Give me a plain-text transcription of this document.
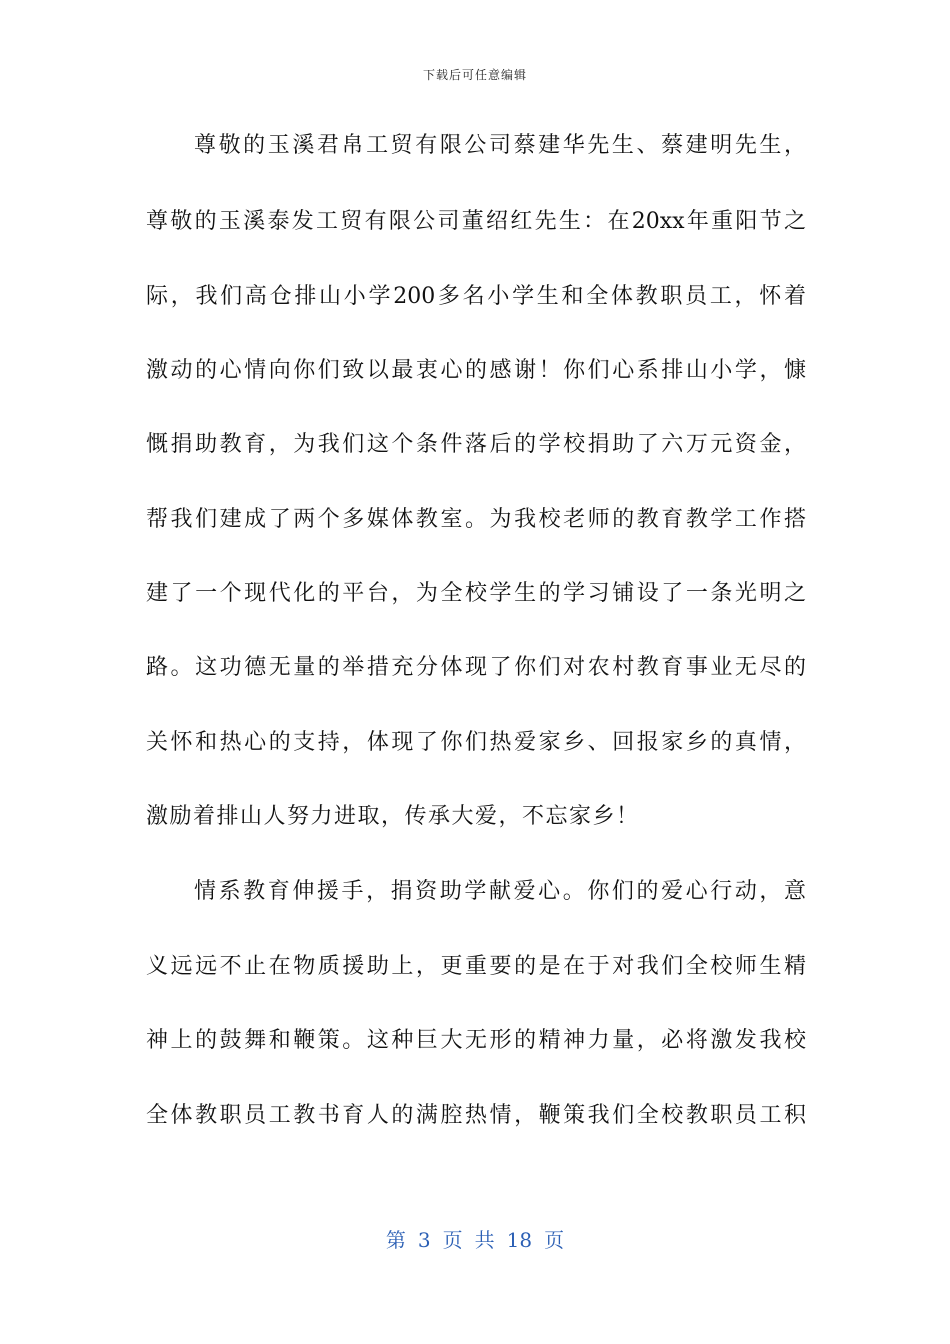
下载后可任意编辑
尊敬的玉溪君帛工贸有限公司蔡建华先生、蔡建明先生，
尊敬的玉溪泰发工贸有限公司董绍红先生：在20xx年重阳节之
际，我们高仓排山小学200多名小学生和全体教职员工，怀着
激动的心情向你们致以最衷心的感谢！你们心系排山小学，慷
慨捐助教育，为我们这个条件落后的学校捐助了六万元资金，
帮我们建成了两个多媒体教室。为我校老师的教育教学工作搭
建了一个现代化的平台，为全校学生的学习铺设了一条光明之
路。这功德无量的举措充分体现了你们对农村教育事业无尽的
关怀和热心的支持，体现了你们热爱家乡、回报家乡的真情，
激励着排山人努力进取，传承大爱，不忘家乡！
情系教育伸援手，捐资助学献爱心。你们的爱心行动，意
义远远不止在物质援助上，更重要的是在于对我们全校师生精
神上的鼓舞和鞭策。这种巨大无形的精神力量，必将激发我校
全体教职员工教书育人的满腔热情，鞭策我们全校教职员工积
第 3 页 共 18 页
